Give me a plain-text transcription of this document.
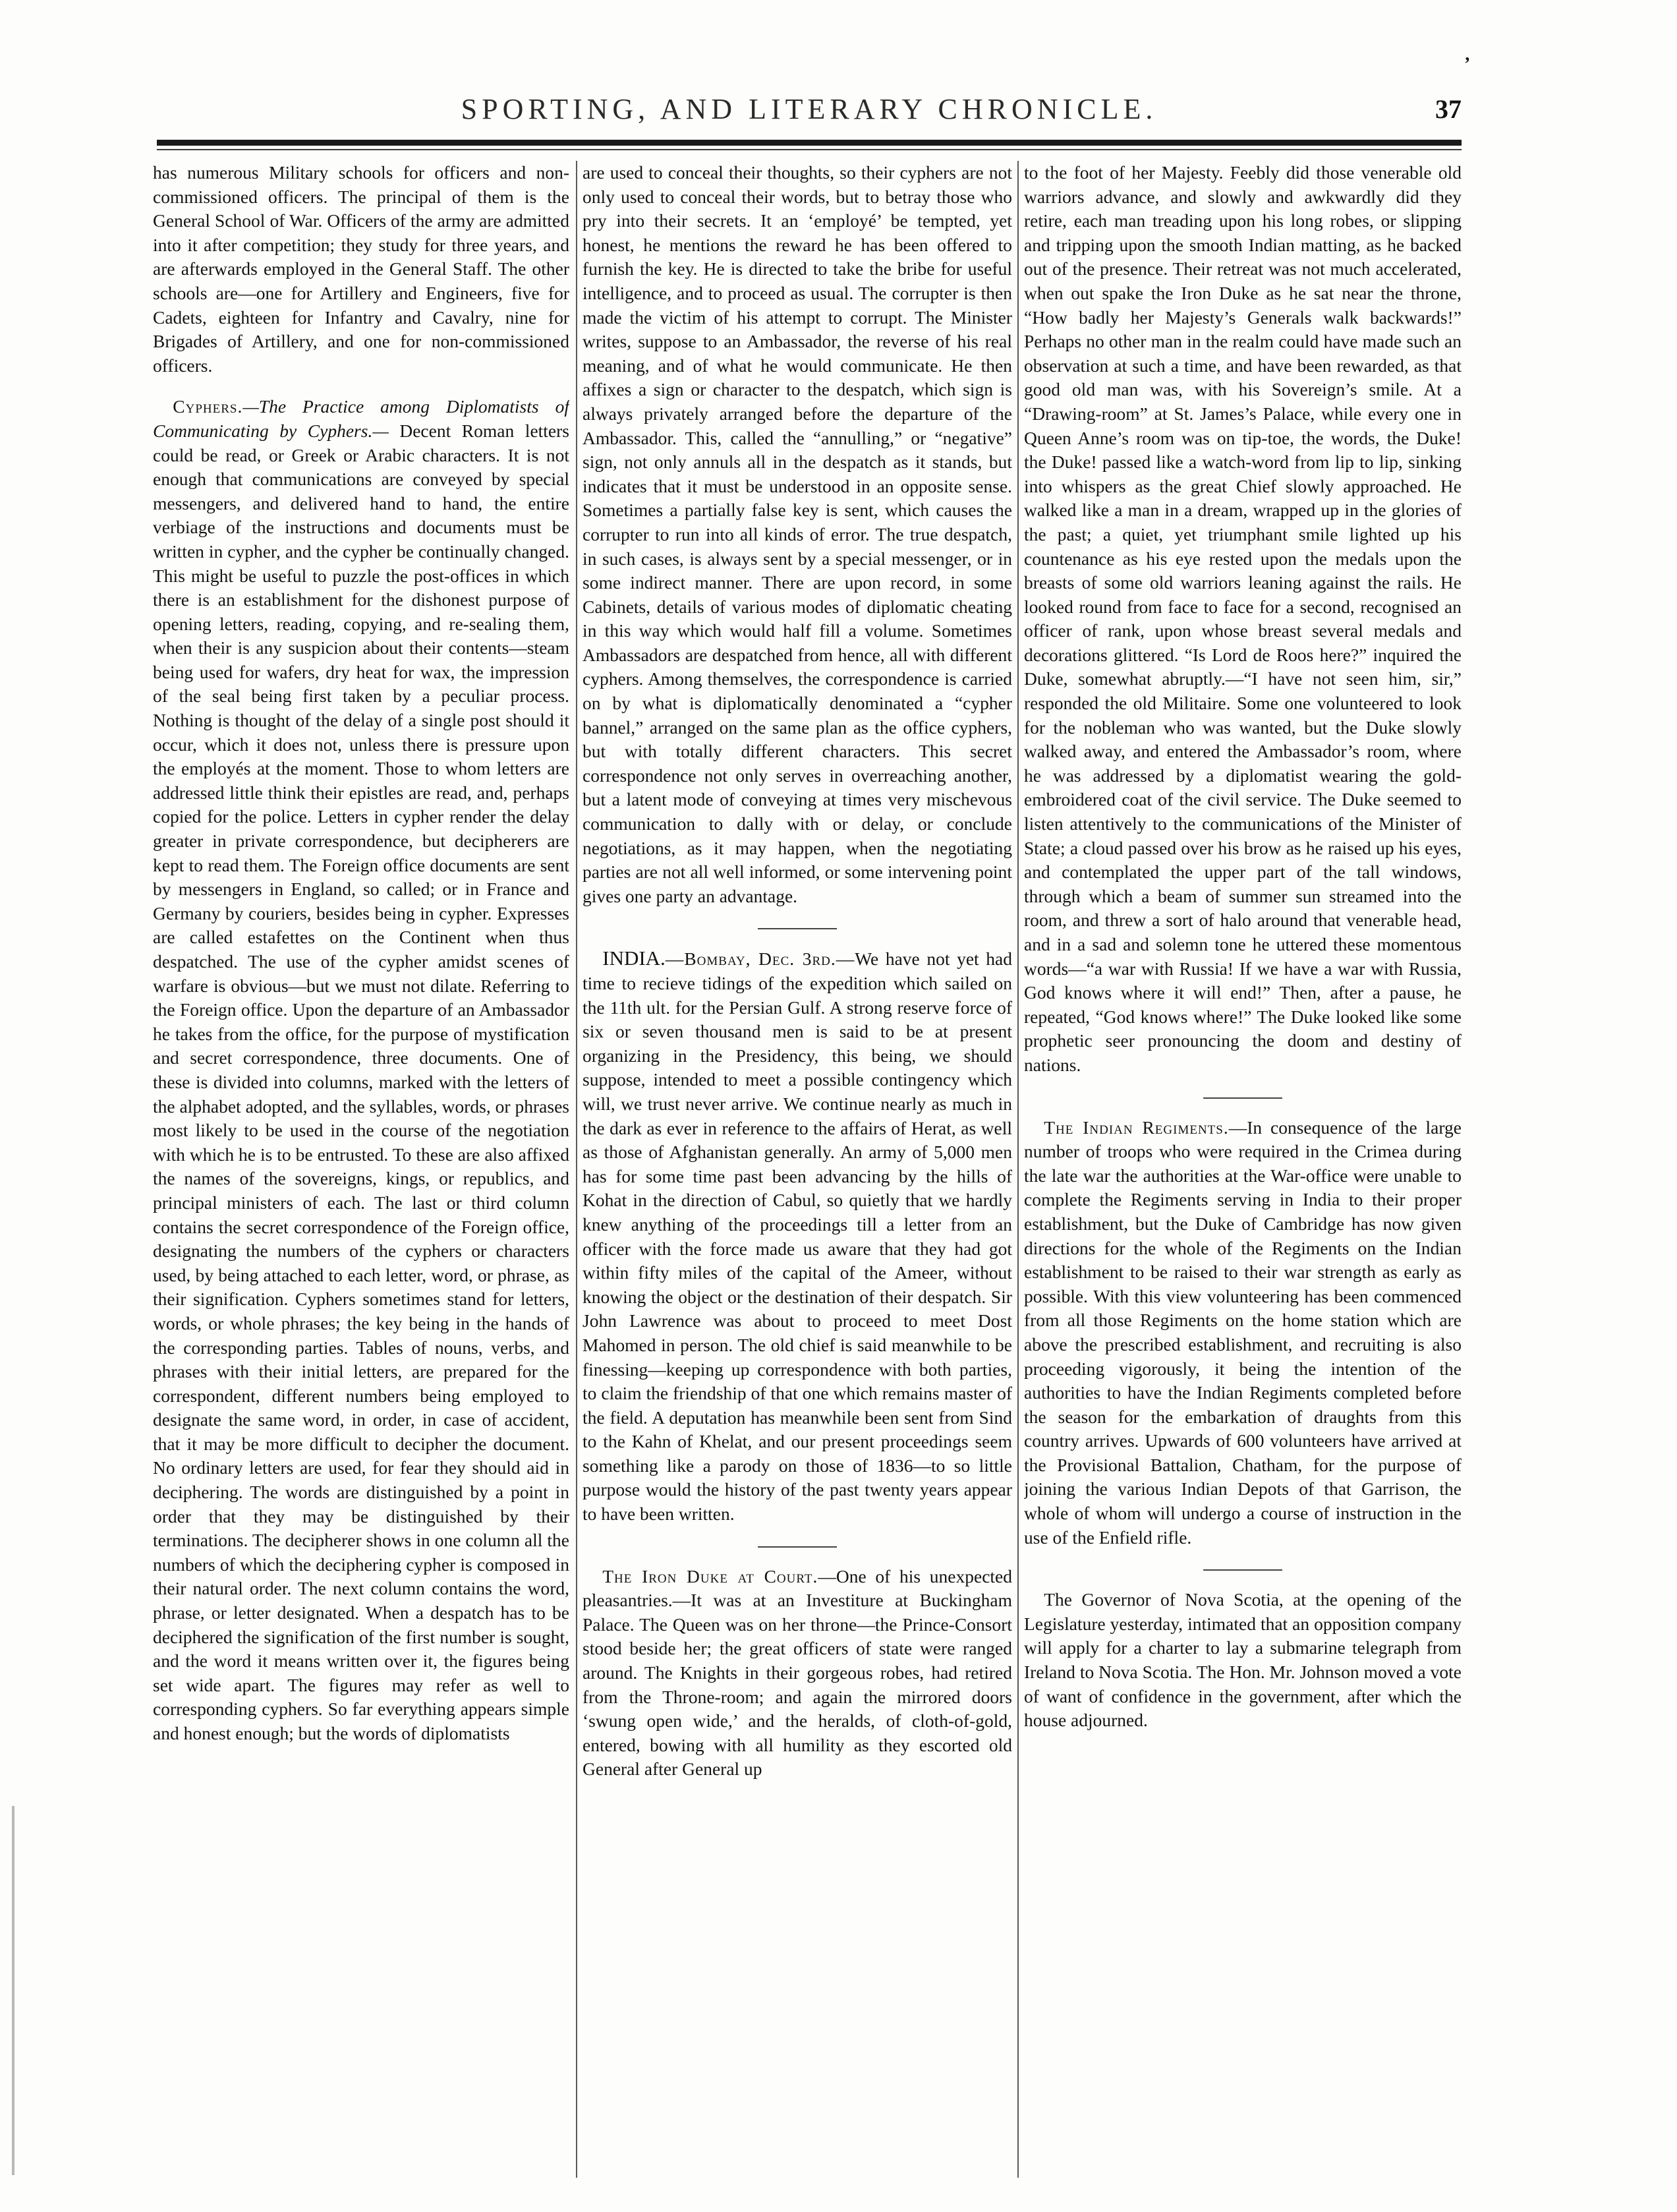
’
SPORTING, AND LITERARY CHRONICLE.	37

has numerous Military schools for officers and non-commissioned officers. The principal of them is the General School of War. Officers of the army are admitted into it after competition; they study for three years, and are afterwards employed in the General Staff. The other schools are—one for Artillery and Engineers, five for Cadets, eighteen for Infantry and Cavalry, nine for Brigades of Artillery, and one for non-commissioned officers.

Cyphers.—The Practice among Diplomatists of Communicating by Cyphers.— Decent Roman letters could be read, or Greek or Arabic characters. It is not enough that communications are conveyed by special messengers, and delivered hand to hand, the entire verbiage of the instructions and documents must be written in cypher, and the cypher be continually changed. This might be useful to puzzle the post-offices in which there is an establishment for the dishonest purpose of opening letters, reading, copying, and re-sealing them, when their is any suspicion about their contents—steam being used for wafers, dry heat for wax, the impression of the seal being first taken by a peculiar process. Nothing is thought of the delay of a single post should it occur, which it does not, unless there is pressure upon the employés at the moment. Those to whom letters are addressed little think their epistles are read, and, perhaps copied for the police. Letters in cypher render the delay greater in private correspondence, but decipherers are kept to read them. The Foreign office documents are sent by messengers in England, so called; or in France and Germany by couriers, besides being in cypher. Expresses are called estafettes on the Continent when thus despatched. The use of the cypher amidst scenes of warfare is obvious—but we must not dilate. Referring to the Foreign office. Upon the departure of an Ambassador he takes from the office, for the purpose of mystification and secret correspondence, three documents. One of these is divided into columns, marked with the letters of the alphabet adopted, and the syllables, words, or phrases most likely to be used in the course of the negotiation with which he is to be entrusted. To these are also affixed the names of the sovereigns, kings, or republics, and principal ministers of each. The last or third column contains the secret correspondence of the Foreign office, designating the numbers of the cyphers or characters used, by being attached to each letter, word, or phrase, as their signification. Cyphers sometimes stand for letters, words, or whole phrases; the key being in the hands of the corresponding parties. Tables of nouns, verbs, and phrases with their initial letters, are prepared for the correspondent, different numbers being employed to designate the same word, in order, in case of accident, that it may be more difficult to decipher the document. No ordinary letters are used, for fear they should aid in deciphering. The words are distinguished by a point in order that they may be distinguished by their terminations. The decipherer shows in one column all the numbers of which the deciphering cypher is composed in their natural order. The next column contains the word, phrase, or letter designated. When a despatch has to be deciphered the signification of the first number is sought, and the word it means written over it, the figures being set wide apart. The figures may refer as well to corresponding cyphers. So far everything appears simple and honest enough; but the words of diplomatists

are used to conceal their thoughts, so their cyphers are not only used to conceal their words, but to betray those who pry into their secrets. It an ‘employé’ be tempted, yet honest, he mentions the reward he has been offered to furnish the key. He is directed to take the bribe for useful intelligence, and to proceed as usual. The corrupter is then made the victim of his attempt to corrupt. The Minister writes, suppose to an Ambassador, the reverse of his real meaning, and of what he would communicate. He then affixes a sign or character to the despatch, which sign is always privately arranged before the departure of the Ambassador. This, called the “annulling,” or “negative” sign, not only annuls all in the despatch as it stands, but indicates that it must be understood in an opposite sense. Sometimes a partially false key is sent, which causes the corrupter to run into all kinds of error. The true despatch, in such cases, is always sent by a special messenger, or in some indirect manner. There are upon record, in some Cabinets, details of various modes of diplomatic cheating in this way which would half fill a volume. Sometimes Ambassadors are despatched from hence, all with different cyphers. Among themselves, the correspondence is carried on by what is diplomatically denominated a “cypher bannel,” arranged on the same plan as the office cyphers, but with totally different characters. This secret correspondence not only serves in overreaching another, but a latent mode of conveying at times very mischevous communication to dally with or delay, or conclude negotiations, as it may happen, when the negotiating parties are not all well informed, or some intervening point gives one party an advantage.

INDIA.—Bombay, Dec. 3rd.—We have not yet had time to recieve tidings of the expedition which sailed on the 11th ult. for the Persian Gulf. A strong reserve force of six or seven thousand men is said to be at present organizing in the Presidency, this being, we should suppose, intended to meet a possible contingency which will, we trust never arrive. We continue nearly as much in the dark as ever in reference to the affairs of Herat, as well as those of Afghanistan generally. An army of 5,000 men has for some time past been advancing by the hills of Kohat in the direction of Cabul, so quietly that we hardly knew anything of the proceedings till a letter from an officer with the force made us aware that they had got within fifty miles of the capital of the Ameer, without knowing the object or the destination of their despatch. Sir John Lawrence was about to proceed to meet Dost Mahomed in person. The old chief is said meanwhile to be finessing—keeping up correspondence with both parties, to claim the friendship of that one which remains master of the field. A deputation has meanwhile been sent from Sind to the Kahn of Khelat, and our present proceedings seem something like a parody on those of 1836—to so little purpose would the history of the past twenty years appear to have been written.

The Iron Duke at Court.—One of his unexpected pleasantries.—It was at an Investiture at Buckingham Palace. The Queen was on her throne—the Prince-Consort stood beside her; the great officers of state were ranged around. The Knights in their gorgeous robes, had retired from the Throne-room; and again the mirrored doors ‘swung open wide,’ and the heralds, of cloth-of-gold, entered, bowing with all humility as they escorted old General after General up

to the foot of her Majesty. Feebly did those venerable old warriors advance, and slowly and awkwardly did they retire, each man treading upon his long robes, or slipping and tripping upon the smooth Indian matting, as he backed out of the presence. Their retreat was not much accelerated, when out spake the Iron Duke as he sat near the throne, “How badly her Majesty’s Generals walk backwards!” Perhaps no other man in the realm could have made such an observation at such a time, and have been rewarded, as that good old man was, with his Sovereign’s smile. At a “Drawing-room” at St. James’s Palace, while every one in Queen Anne’s room was on tip-toe, the words, the Duke! the Duke! passed like a watch-word from lip to lip, sinking into whispers as the great Chief slowly approached. He walked like a man in a dream, wrapped up in the glories of the past; a quiet, yet triumphant smile lighted up his countenance as his eye rested upon the medals upon the breasts of some old warriors leaning against the rails. He looked round from face to face for a second, recognised an officer of rank, upon whose breast several medals and decorations glittered. “Is Lord de Roos here?” inquired the Duke, somewhat abruptly.—“I have not seen him, sir,” responded the old Militaire. Some one volunteered to look for the nobleman who was wanted, but the Duke slowly walked away, and entered the Ambassador’s room, where he was addressed by a diplomatist wearing the gold-embroidered coat of the civil service. The Duke seemed to listen attentively to the communications of the Minister of State; a cloud passed over his brow as he raised up his eyes, and contemplated the upper part of the tall windows, through which a beam of summer sun streamed into the room, and threw a sort of halo around that venerable head, and in a sad and solemn tone he uttered these momentous words—“a war with Russia! If we have a war with Russia, God knows where it will end!” Then, after a pause, he repeated, “God knows where!” The Duke looked like some prophetic seer pronouncing the doom and destiny of nations.

The Indian Regiments.—In consequence of the large number of troops who were required in the Crimea during the late war the authorities at the War-office were unable to complete the Regiments serving in India to their proper establishment, but the Duke of Cambridge has now given directions for the whole of the Regiments on the Indian establishment to be raised to their war strength as early as possible. With this view volunteering has been commenced from all those Regiments on the home station which are above the prescribed establishment, and recruiting is also proceeding vigorously, it being the intention of the authorities to have the Indian Regiments completed before the season for the embarkation of draughts from this country arrives. Upwards of 600 volunteers have arrived at the Provisional Battalion, Chatham, for the purpose of joining the various Indian Depots of that Garrison, the whole of whom will undergo a course of instruction in the use of the Enfield rifle.

The Governor of Nova Scotia, at the opening of the Legislature yesterday, intimated that an opposition company will apply for a charter to lay a submarine telegraph from Ireland to Nova Scotia. The Hon. Mr. Johnson moved a vote of want of confidence in the government, after which the house adjourned.
